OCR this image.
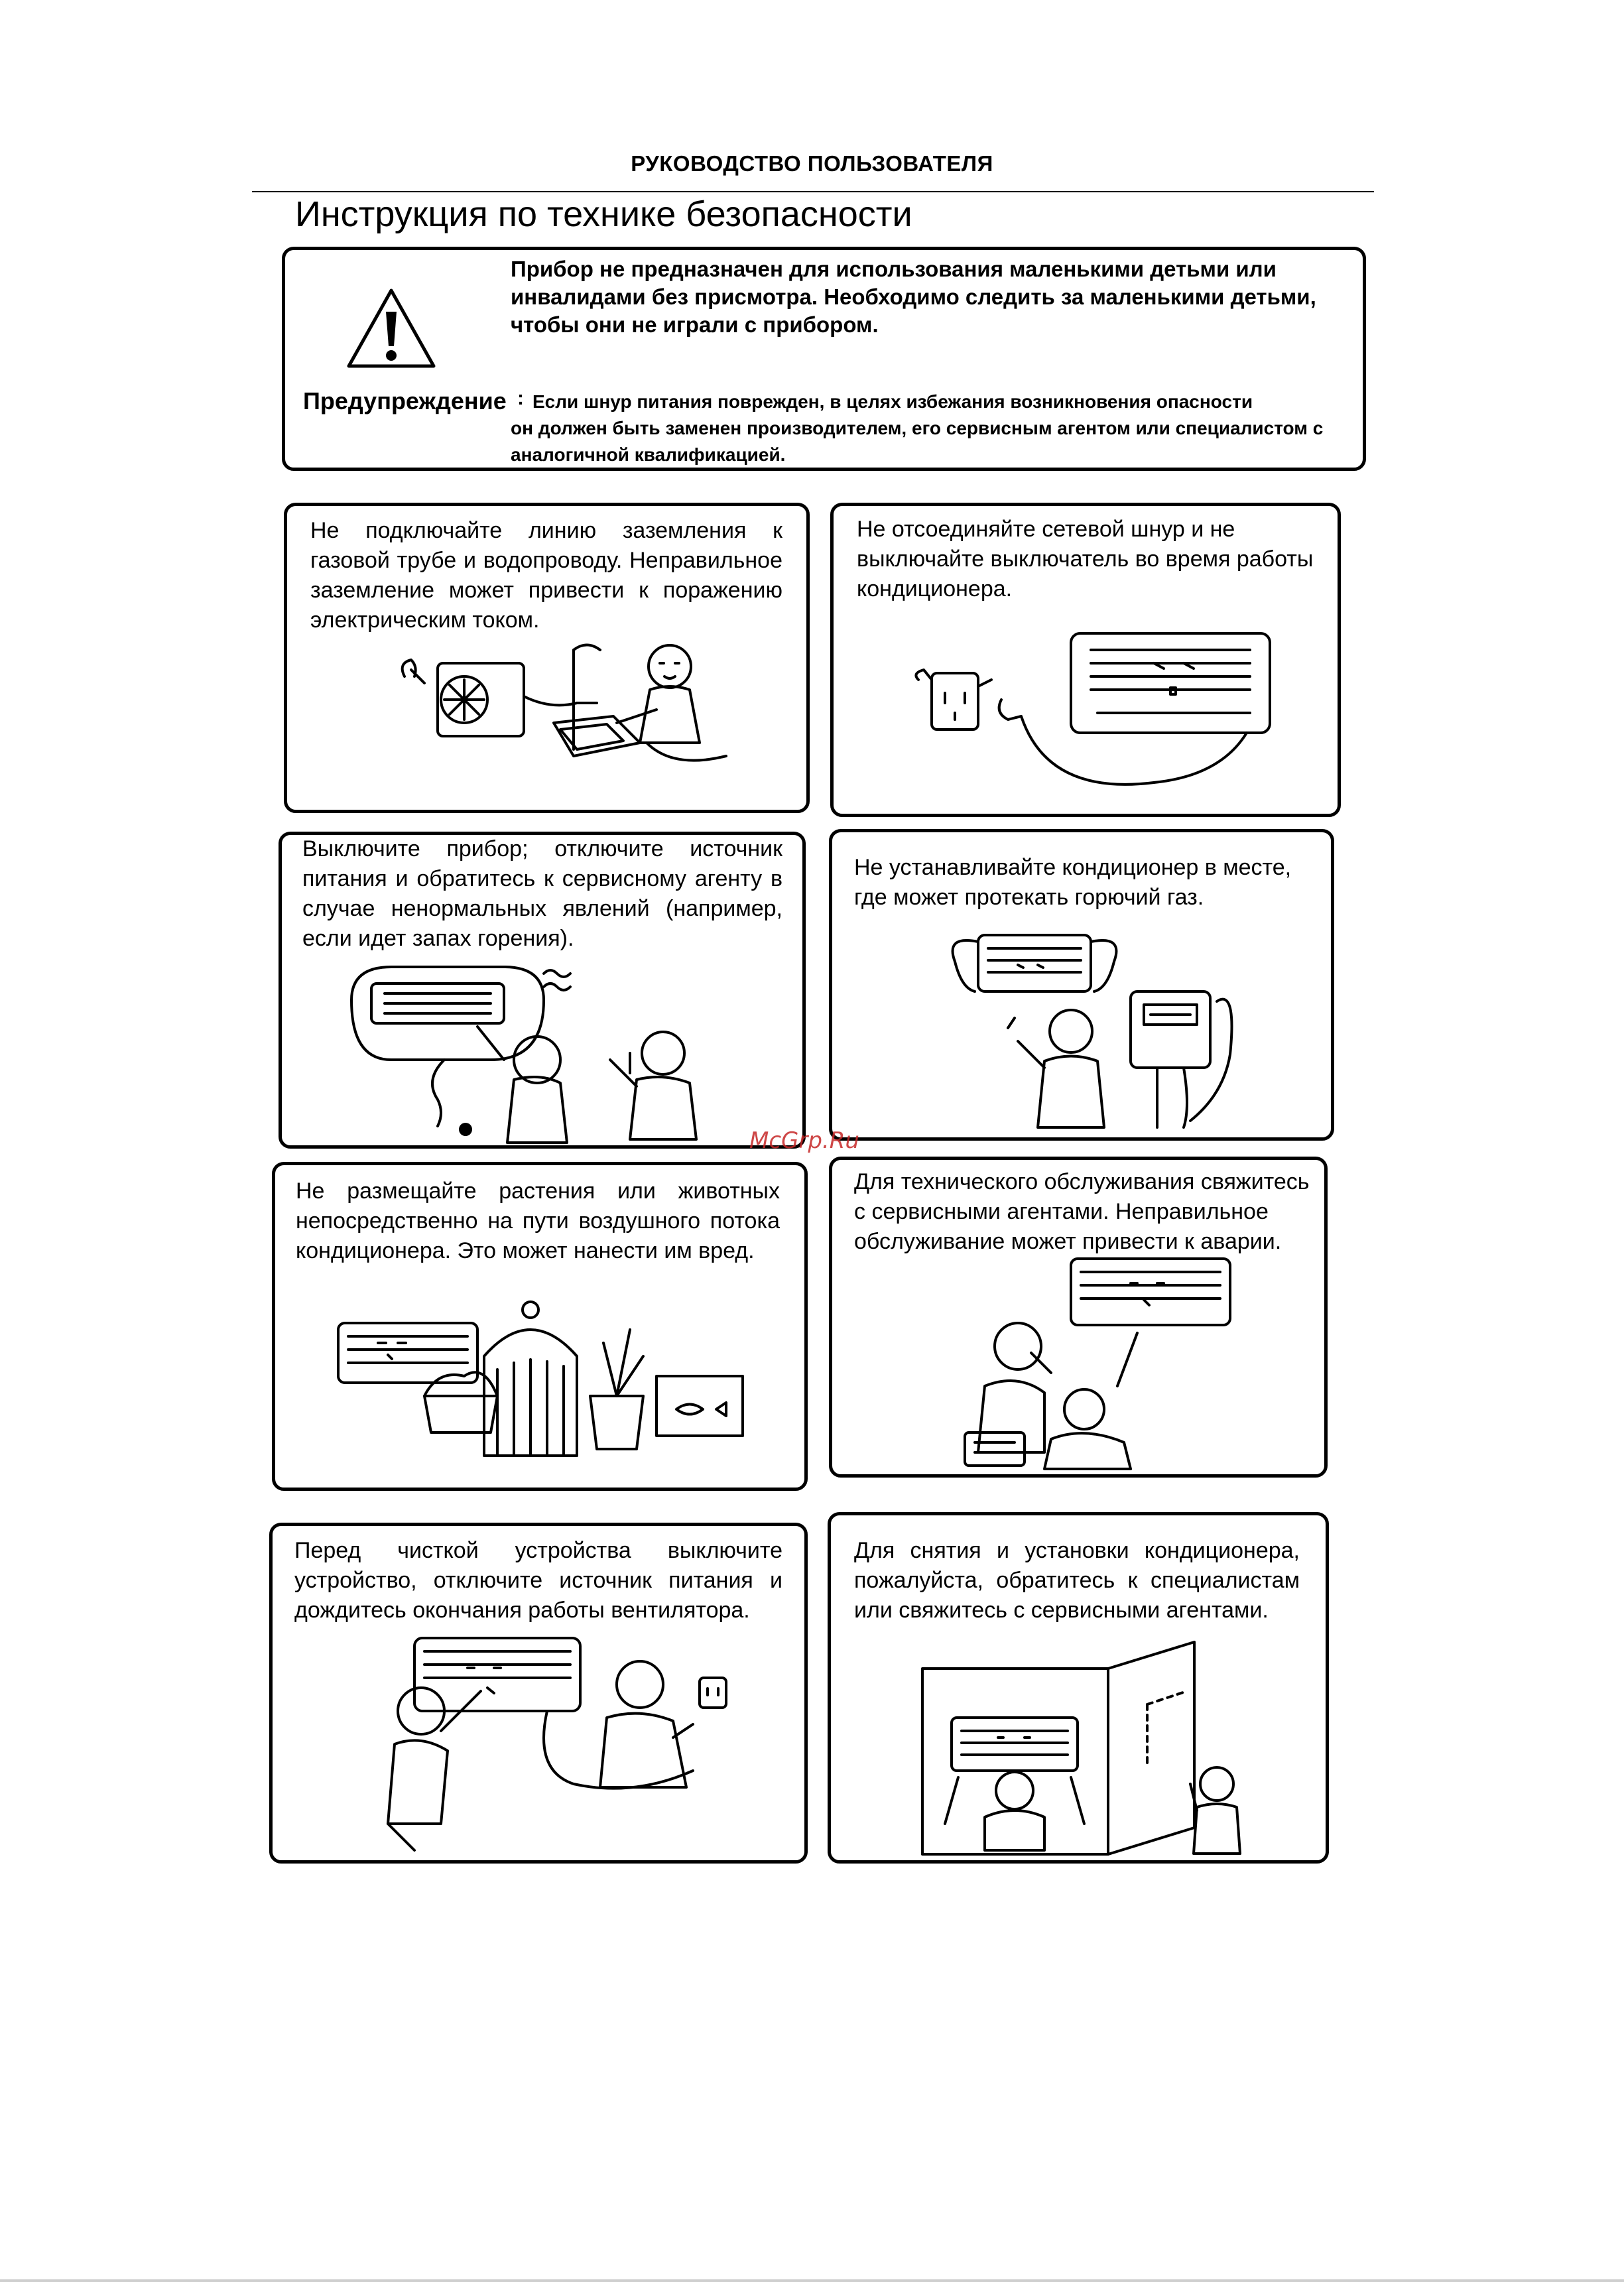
РУКОВОДСТВО ПОЛЬЗОВАТЕЛЯ
Инструкция по технике безопасности
Прибор не предназначен для использования маленькими детьми или инвалидами без присмотра. Необходимо следить за маленькими детьми, чтобы они не играли с прибором.
Предупреждение : Если шнур питания поврежден, в целях избежания возникновения опасности
он должен быть заменен производителем, его сервисным агентом или специалистом с аналогичной квалификацией.
Не подключайте линию заземления к газовой трубе и водопроводу. Неправильное заземление может привести к поражению электрическим током.
Не отсоединяйте сетевой шнур и не выключайте выключатель во время работы кондиционера.
Выключите прибор; отключите источник питания и обратитесь к сервисному агенту в случае ненормальных явлений (например, если идет запах горения).
Не устанавливайте кондиционер в месте, где может протекать горючий газ.
Не размещайте растения или животных непосредственно на пути воздушного потока кондиционера. Это может нанести им вред.
Для технического обслуживания свяжитесь с сервисными агентами. Неправильное обслуживание может привести к аварии.
Перед чисткой устройства выключите устройство, отключите источник питания и дождитесь окончания работы вентилятора.
Для снятия и установки кондиционера, пожалуйста, обратитесь к специалистам или свяжитесь с сервисными агентами.
McGrp.Ru
